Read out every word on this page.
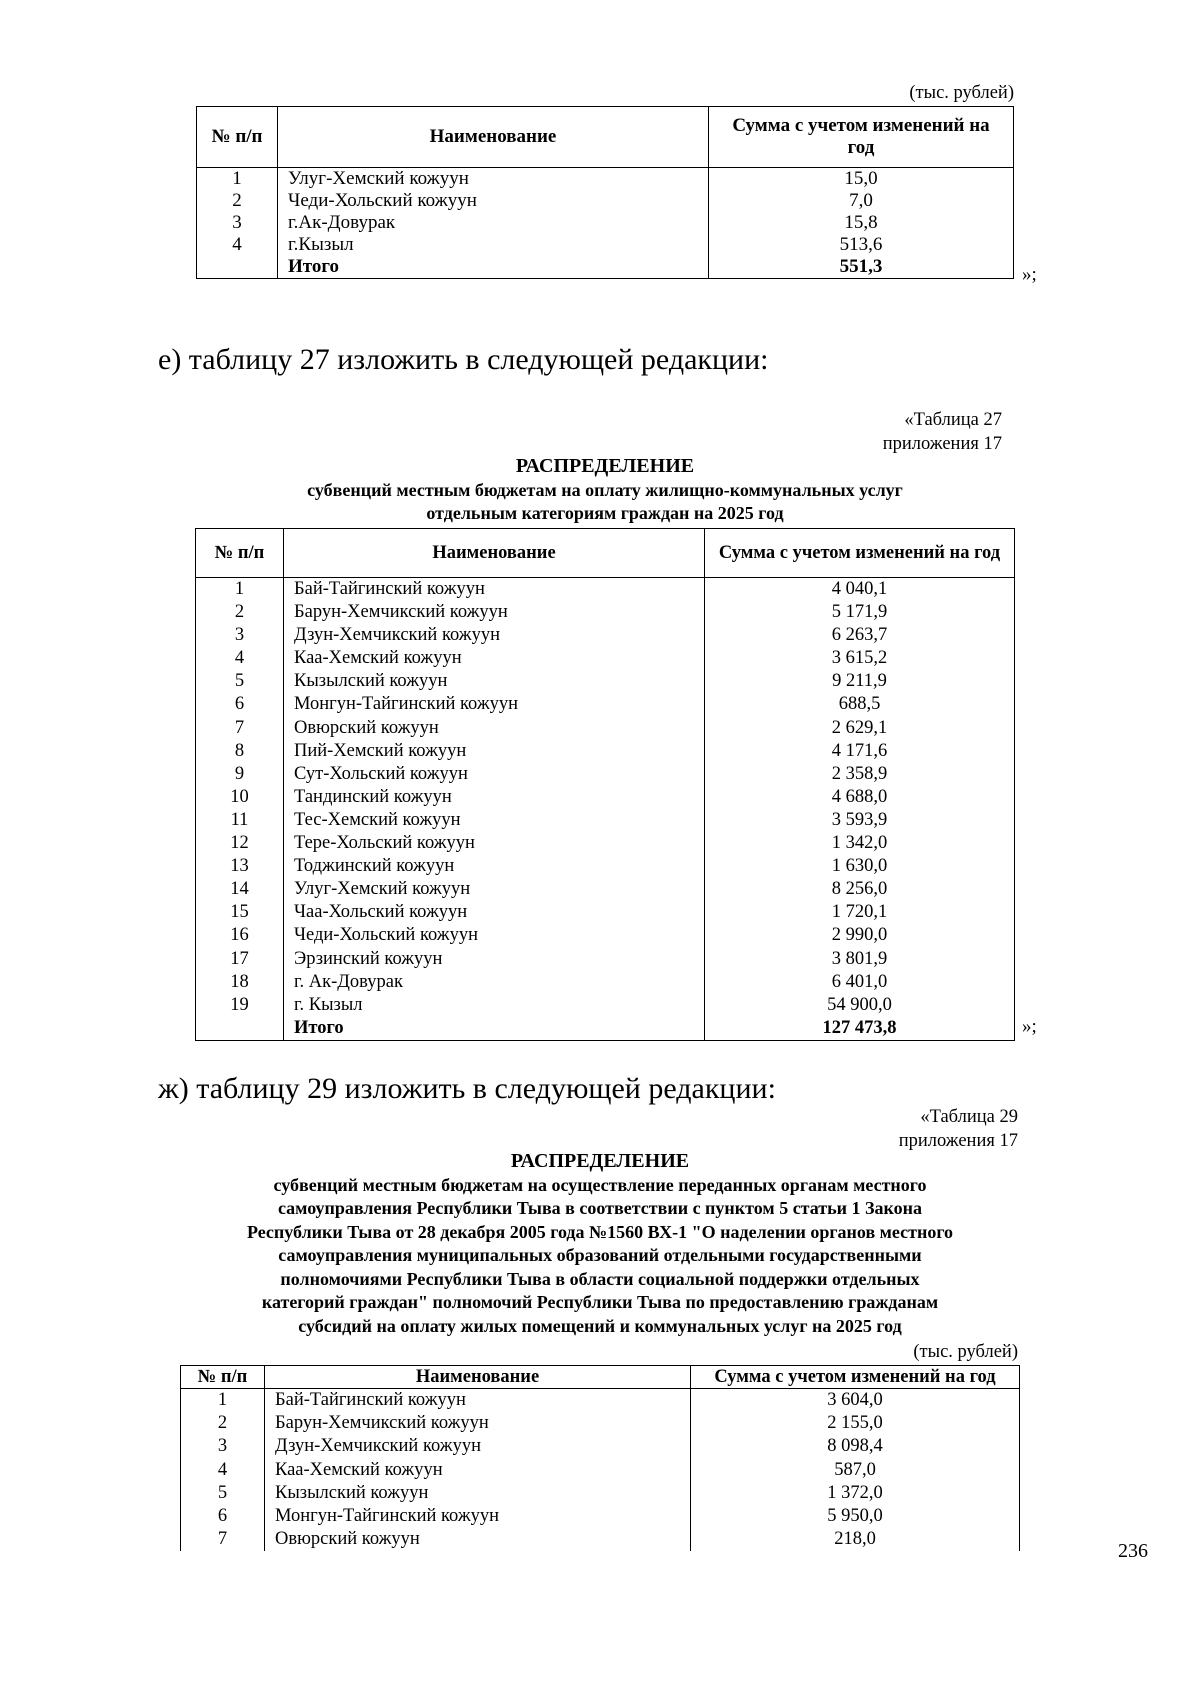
(тыс. рублей)
№ п/п	Наименование	Сумма с учетом изменений на год
1	Улуг-Хемский кожуун	15,0
2	Чеди-Хольский кожуун	7,0
3	г.Ак-Довурак	15,8
4	г.Кызыл	513,6
	Итого	551,3	»;
е) таблицу 27 изложить в следующей редакции:
«Таблица 27
приложения 17
РАСПРЕДЕЛЕНИЕ
субвенций местным бюджетам на оплату жилищно-коммунальных услуг
отдельным категориям граждан на 2025 год
№ п/п	Наименование	Сумма с учетом изменений на год
1	Бай-Тайгинский кожуун	4 040,1
2	Барун-Хемчикский кожуун	5 171,9
3	Дзун-Хемчикский кожуун	6 263,7
4	Каа-Хемский кожуун	3 615,2
5	Кызылский кожуун	9 211,9
6	Монгун-Тайгинский кожуун	688,5
7	Овюрский кожуун	2 629,1
8	Пий-Хемский кожуун	4 171,6
9	Сут-Хольский кожуун	2 358,9
10	Тандинский кожуун	4 688,0
11	Тес-Хемский кожуун	3 593,9
12	Тере-Хольский кожуун	1 342,0
13	Тоджинский кожуун	1 630,0
14	Улуг-Хемский кожуун	8 256,0
15	Чаа-Хольский кожуун	1 720,1
16	Чеди-Хольский кожуун	2 990,0
17	Эрзинский кожуун	3 801,9
18	г. Ак-Довурак	6 401,0
19	г. Кызыл	54 900,0
	Итого	127 473,8	»;
ж) таблицу 29 изложить в следующей редакции:
«Таблица 29
приложения 17
РАСПРЕДЕЛЕНИЕ
субвенций местным бюджетам на осуществление переданных органам местного
самоуправления Республики Тыва в соответствии с пунктом 5 статьи 1 Закона
Республики Тыва от 28 декабря 2005 года №1560 ВХ-1 "О наделении органов местного
самоуправления муниципальных образований отдельными государственными
полномочиями Республики Тыва в области социальной поддержки отдельных
категорий граждан" полномочий Республики Тыва по предоставлению гражданам
субсидий на оплату жилых помещений и коммунальных услуг на 2025 год
(тыс. рублей)
№ п/п	Наименование	Сумма с учетом изменений на год
1	Бай-Тайгинский кожуун	3 604,0
2	Барун-Хемчикский кожуун	2 155,0
3	Дзун-Хемчикский кожуун	8 098,4
4	Каа-Хемский кожуун	587,0
5	Кызылский кожуун	1 372,0
6	Монгун-Тайгинский кожуун	5 950,0
7	Овюрский кожуун	218,0
236
